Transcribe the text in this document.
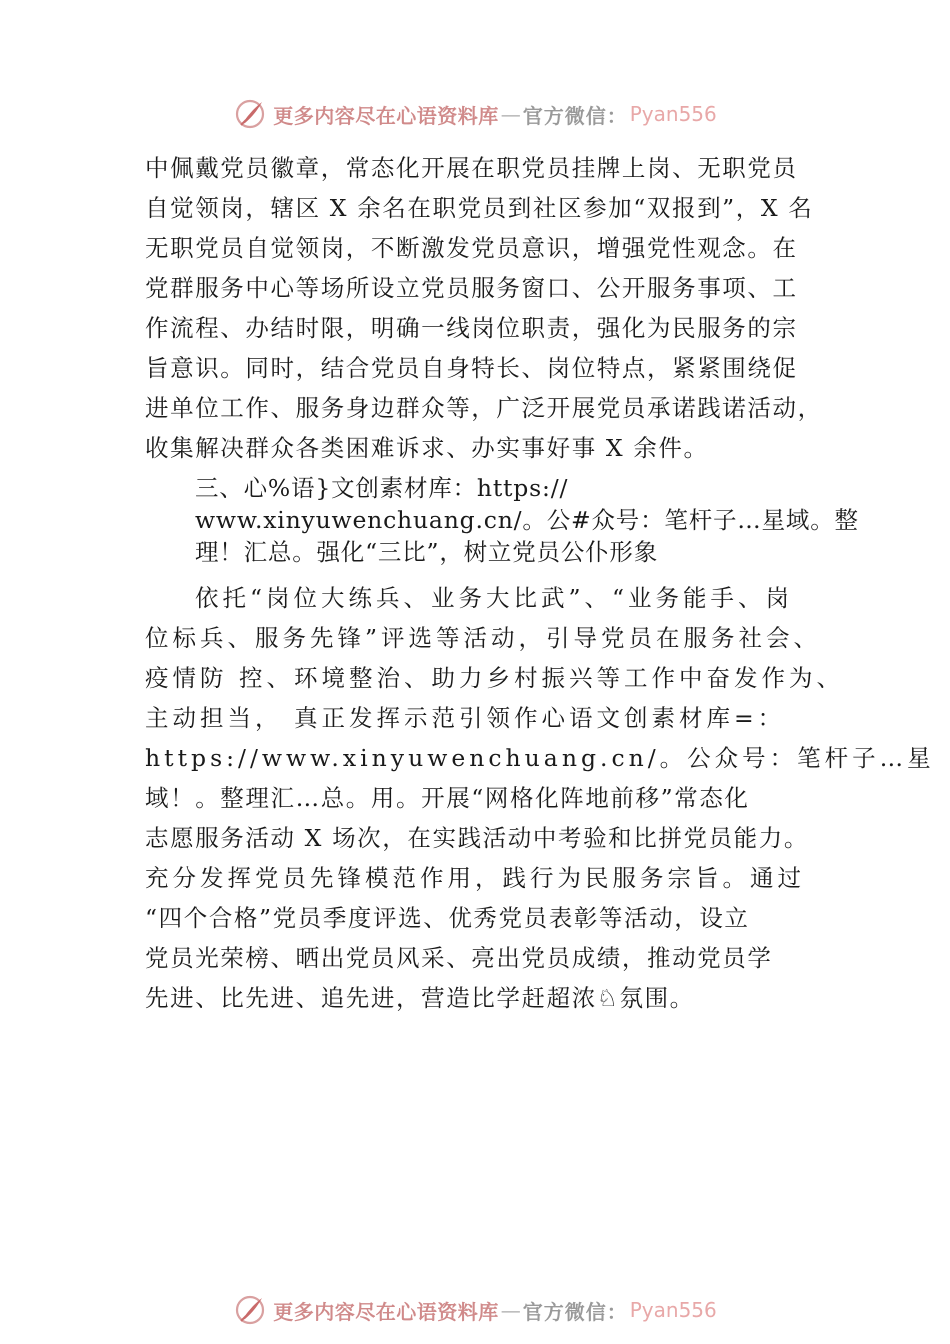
更多内容尽在心语资料库 — 官方微信： Pyan556
中佩戴党员徽章，常态化开展在职党员挂牌上岗、无职党员
自觉领岗，辖区 X 余名在职党员到社区参加“双报到”，X 名
无职党员自觉领岗，不断激发党员意识，增强党性观念。在
党群服务中心等场所设立党员服务窗口、公开服务事项、工
作流程、办结时限，明确一线岗位职责，强化为民服务的宗
旨意识。同时，结合党员自身特长、岗位特点，紧紧围绕促
进单位工作、服务身边群众等，广泛开展党员承诺践诺活动，
收集解决群众各类困难诉求、办实事好事 X 余件。
三、心%语}文创素材库：https://
www.xinyuwenchuang.cn/。公#众号：笔杆子…星域。整
理！汇总。强化“三比”，树立党员公仆形象
依托“岗位大练兵、业务大比武”、“业务能手、岗
位标兵、服务先锋”评选等活动，引导党员在服务社会、
疫情防 控、环境整治、助力乡村振兴等工作中奋发作为、
主动担当， 真正发挥示范引领作心语文创素材库=：
https://www.xinyuwenchuang.cn/。公众号：笔杆子…星
域！。整理汇…总。用。开展“网格化阵地前移”常态化
志愿服务活动 X 场次，在实践活动中考验和比拼党员能力。
充分发挥党员先锋模范作用，践行为民服务宗旨。通过
“四个合格”党员季度评选、优秀党员表彰等活动，设立
党员光荣榜、晒出党员风采、亮出党员成绩，推动党员学
先进、比先进、追先进，营造比学赶超浓♘氛围。
更多内容尽在心语资料库 — 官方微信： Pyan556
